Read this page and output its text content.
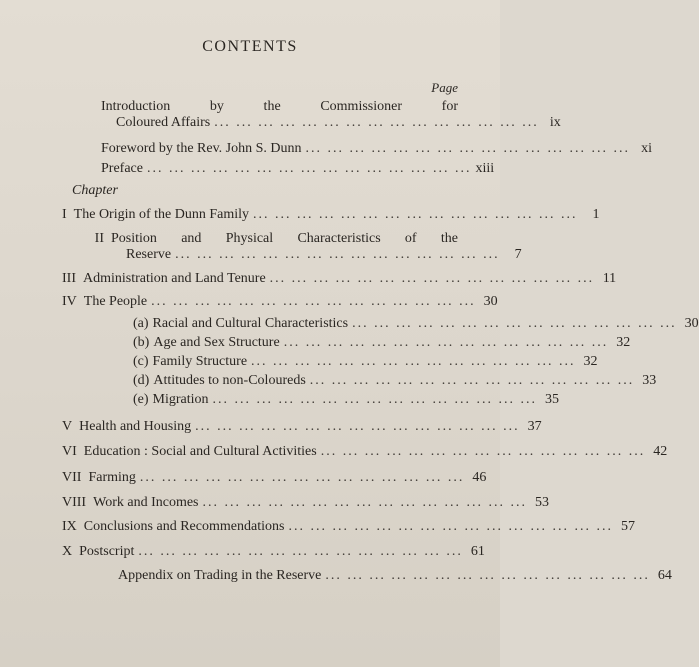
CONTENTS
Page
Introduction by the Commissioner for
Coloured Affairs ... ... ... ... ... ... ... ... ... ... ... ... ... ... ... ix
Foreword by the Rev. John S. Dunn ... ... ... ... ... ... ... ... ... ... ... ... ... ... ... xi
Preface ... ... ... ... ... ... ... ... ... ... ... ... ... ... ... xiii
Chapter
I The Origin of the Dunn Family ... ... ... ... ... ... ... ... ... ... ... ... ... ... ...	1
II Position and Physical Characteristics of the
Reserve ... ... ... ... ... ... ... ... ... ... ... ... ... ... ...	7
III Administration and Land Tenure ... ... ... ... ... ... ... ... ... ... ... ... ... ... ... 11
IV The People ... ... ... ... ... ... ... ... ... ... ... ... ... ... ... 30
(a) Racial and Cultural Characteristics ... ... ... ... ... ... ... ... ... ... ... ... ... ... ... 30
(b) Age and Sex Structure ... ... ... ... ... ... ... ... ... ... ... ... ... ... ... 32
(c) Family Structure ... ... ... ... ... ... ... ... ... ... ... ... ... ... ... 32
(d) Attitudes to non-Coloureds ... ... ... ... ... ... ... ... ... ... ... ... ... ... ... 33
(e) Migration ... ... ... ... ... ... ... ... ... ... ... ... ... ... ... 35
V Health and Housing ... ... ... ... ... ... ... ... ... ... ... ... ... ... ... 37
VI Education : Social and Cultural Activities ... ... ... ... ... ... ... ... ... ... ... ... ... ... ... 42
VII Farming ... ... ... ... ... ... ... ... ... ... ... ... ... ... ... 46
VIII Work and Incomes ... ... ... ... ... ... ... ... ... ... ... ... ... ... ... 53
IX Conclusions and Recommendations ... ... ... ... ... ... ... ... ... ... ... ... ... ... ... 57
X Postscript ... ... ... ... ... ... ... ... ... ... ... ... ... ... ... 61
Appendix on Trading in the Reserve ... ... ... ... ... ... ... ... ... ... ... ... ... ... ... 64
